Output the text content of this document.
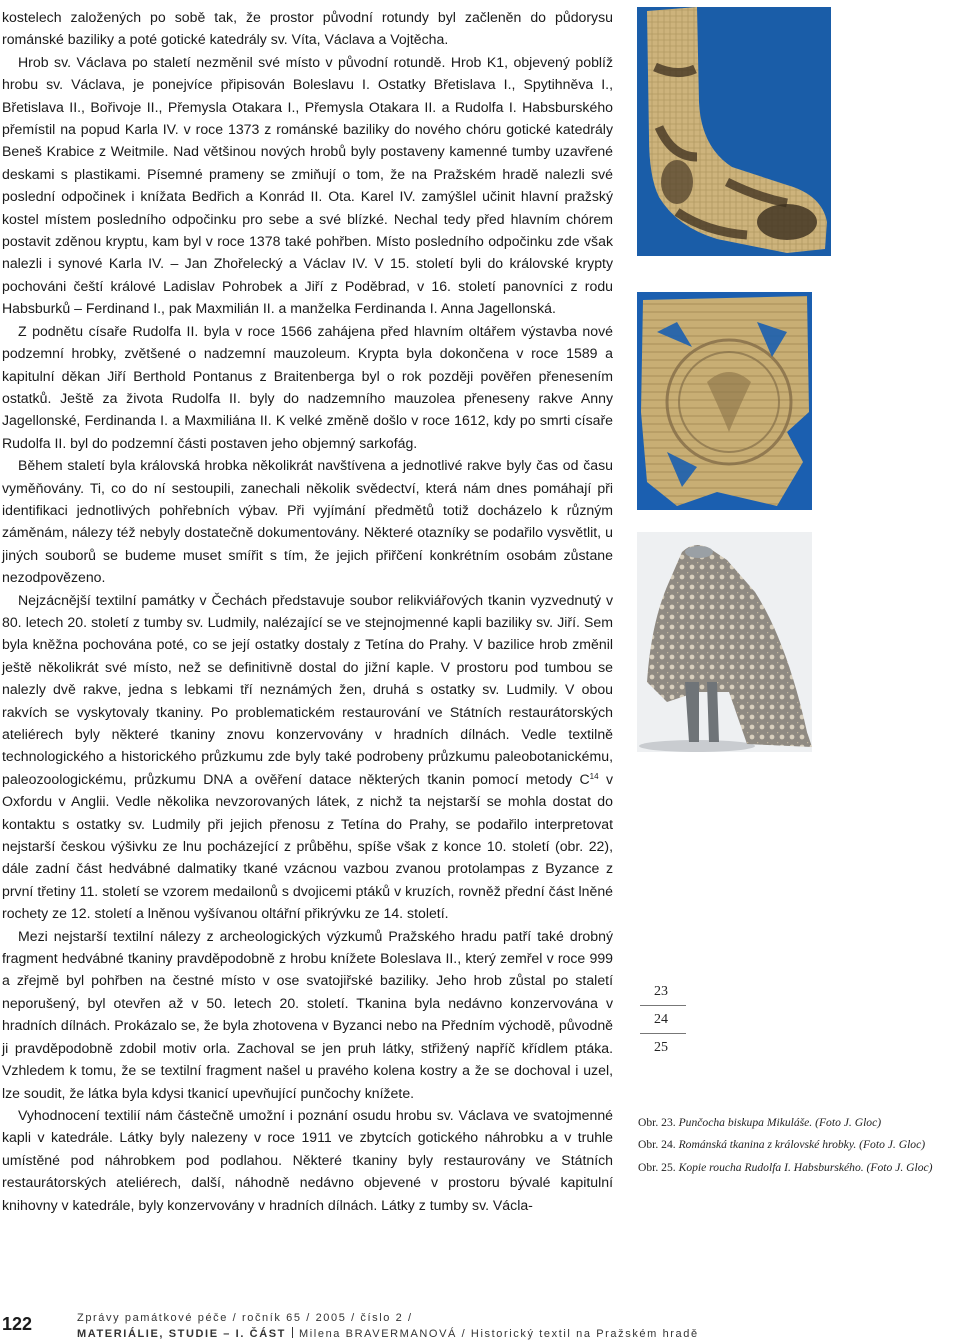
kostelech založených po sobě tak, že prostor původní rotundy byl začleněn do půdorysu románské baziliky a poté gotické katedrály sv. Víta, Václava a Vojtěcha.

Hrob sv. Václava po staletí nezměnil své místo v původní rotundě. Hrob K1, objevený poblíž hrobu sv. Václava, je ponejvíce připisován Boleslavu I. Ostatky Břetislava I., Spytihněva I., Břetislava II., Bořivoje II., Přemysla Otakara I., Přemysla Otakara II. a Rudolfa I. Habsburského přemístil na popud Karla IV. v roce 1373 z románské baziliky do nového chóru gotické katedrály Beneš Krabice z Weitmile. Nad většinou nových hrobů byly postaveny kamenné tumby uzavřené deskami s plastikami. Písemné prameny se zmiňují o tom, že na Pražském hradě nalezli své poslední odpočinek i knížata Bedřich a Konrád II. Ota. Karel IV. zamýšlel učinit hlavní pražský kostel místem posledního odpočinku pro sebe a své blízké. Nechal tedy před hlavním chórem postavit zděnou kryptu, kam byl v roce 1378 také pohřben. Místo posledního odpočinku zde však nalezli i synové Karla IV. – Jan Zhořelecký a Václav IV. V 15. století byli do královské krypty pochováni čeští králové Ladislav Pohrobek a Jiří z Poděbrad, v 16. století panovníci z rodu Habsburků – Ferdinand I., pak Maxmilián II. a manželka Ferdinanda I. Anna Jagellonská.

Z podnětu císaře Rudolfa II. byla v roce 1566 zahájena před hlavním oltářem výstavba nové podzemní hrobky, zvětšené o nadzemní mauzoleum. Krypta byla dokončena v roce 1589 a kapitulní děkan Jiří Berthold Pontanus z Braitenberga byl o rok později pověřen přenesením ostatků. Ještě za života Rudolfa II. byly do nadzemního mauzolea přeneseny rakve Anny Jagellonské, Ferdinanda I. a Maxmiliána II. K velké změně došlo v roce 1612, kdy po smrti císaře Rudolfa II. byl do podzemní části postaven jeho objemný sarkofág.

Během staletí byla královská hrobka několikrát navštívena a jednotlivé rakve byly čas od času vyměňovány. Ti, co do ní sestoupili, zanechali několik svědectví, která nám dnes pomáhají při identifikaci jednotlivých pohřebních výbav. Při vyjímání předmětů totiž docházelo k různým záměnám, nálezy též nebyly dostatečně dokumentovány. Některé otazníky se podařilo vysvětlit, u jiných souborů se budeme muset smířit s tím, že jejich přiřčení konkrétním osobám zůstane nezodpovězeno.

Nejzácnější textilní památky v Čechách představuje soubor relikviářových tkanin vyzvednutý v 80. letech 20. století z tumby sv. Ludmily, nalézající se ve stejnojmenné kapli baziliky sv. Jiří. Sem byla kněžna pochována poté, co se její ostatky dostaly z Tetína do Prahy. V bazilice hrob změnil ještě několikrát své místo, než se definitivně dostal do jižní kaple. V prostoru pod tumbou se nalezly dvě rakve, jedna s lebkami tří neznámých žen, druhá s ostatky sv. Ludmily. V obou rakvích se vyskytovaly tkaniny. Po problematickém restaurování ve Státních restaurátorských ateliérech byly některé tkaniny znovu konzervovány v hradních dílnách. Vedle textilně technologického a historického průzkumu zde byly také podrobeny průzkumu paleobotanickému, paleozoologickému, průzkumu DNA a ověření datace některých tkanin pomocí metody $C^{14}$ v Oxfordu v Anglii. Vedle několika nevzorovaných látek, z nichž ta nejstarší se mohla dostat do kontaktu s ostatky sv. Ludmily při jejich přenosu z Tetína do Prahy, se podařilo interpretovat nejstarší českou výšivku ze lnu pocházející z průběhu, spíše však z konce 10. století (obr. 22), dále zadní část hedvábné dalmatiky tkané vzácnou vazbou zvanou protolampas z Byzance z první třetiny 11. století se vzorem medailonů s dvojicemi ptáků v kruzích, rovněž přední část lněné rochety ze 12. století a lněnou vyšívanou oltářní přikrývku ze 14. století.

Mezi nejstarší textilní nálezy z archeologických výzkumů Pražského hradu patří také drobný fragment hedvábné tkaniny pravděpodobně z hrobu knížete Boleslava II., který zemřel v roce 999 a zřejmě byl pohřben na čestné místo v ose svatojiřské baziliky. Jeho hrob zůstal po staletí neporušený, byl otevřen až v 50. letech 20. století. Tkanina byla nedávno konzervována v hradních dílnách. Prokázalo se, že byla zhotovena v Byzanci nebo na Předním východě, původně ji pravděpodobně zdobil motiv orla. Zachoval se jen pruh látky, střižený napříč křídlem ptáka. Vzhledem k tomu, že se textilní fragment našel u pravého kolena kostry a že se dochoval i uzel, lze soudit, že látka byla kdysi tkanicí upevňující punčochy knížete.

Vyhodnocení textilií nám částečně umožní i poznání osudu hrobu sv. Václava ve svatojmenné kapli v katedrále. Látky byly nalezeny v roce 1911 ve zbytcích gotického náhrobku a v truhle umístěné pod náhrobkem pod podlahou. Některé tkaniny byly restaurovány ve Státních restaurátorských ateliérech, další, náhodně nedávno objevené v prostoru bývalé kapitulní knihovny v katedrále, byly konzervovány v hradních dílnách. Látky z tumby sv. Václa-

23
24
25
Obr. 23. Punčocha biskupa Mikuláše. (Foto J. Gloc)
Obr. 24. Románská tkanina z královské hrobky. (Foto J. Gloc)
Obr. 25. Kopie roucha Rudolfa I. Habsburského. (Foto J. Gloc)
122	Zprávy památkové péče / ročník 65 / 2005 / číslo 2 /
MATERIÁLIE, STUDIE – I. ČÁST Milena BRAVERMANOVÁ / Historický textil na Pražském hradě
